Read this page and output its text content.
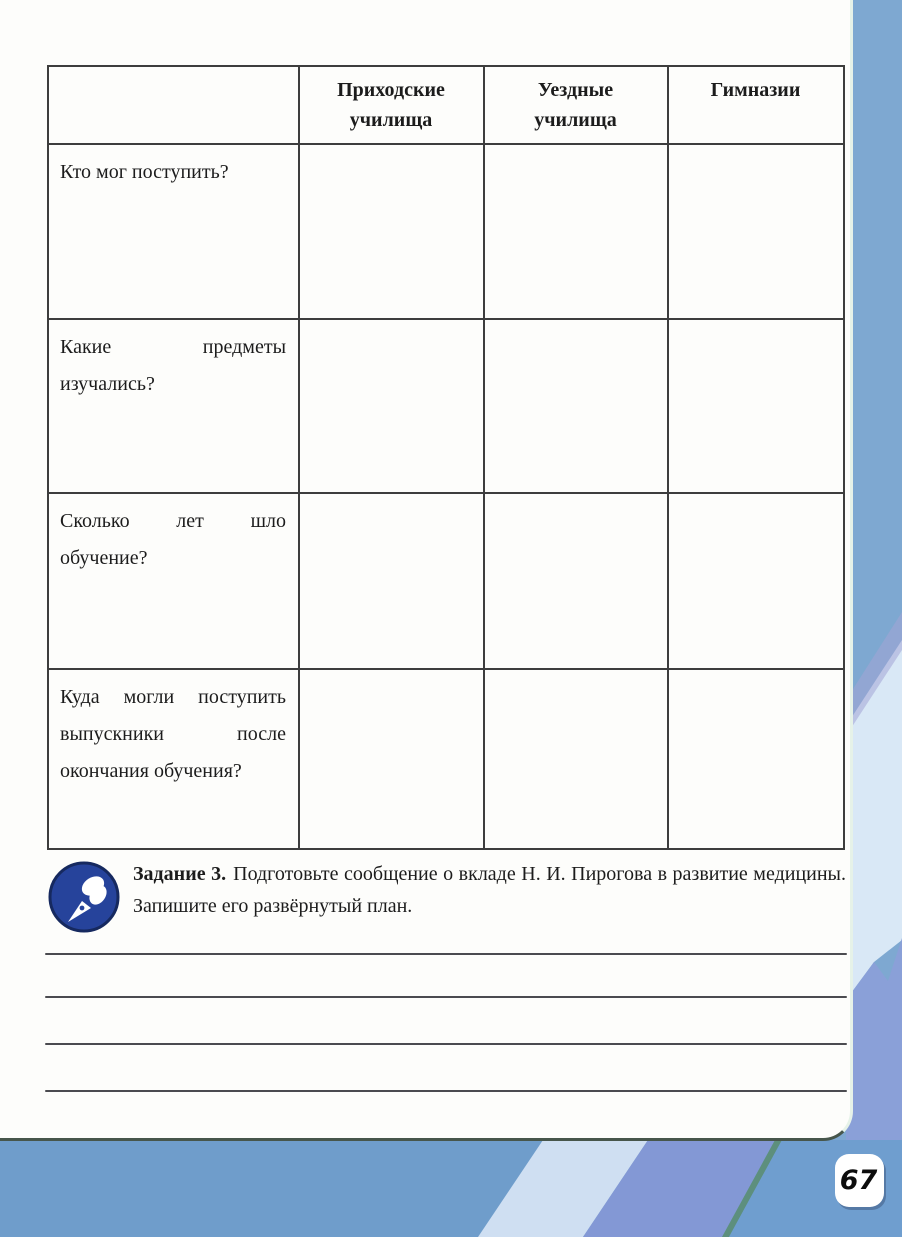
	Приходские училища	Уездные училища	Гимназии
Кто мог поступить?			
Какие предметы изучались?			
Сколько лет шло обучение?			
Куда могли поступить выпускники после окончания обучения?			

Задание 3. Подготовьте сообщение о вкладе Н. И. Пирогова в развитие медицины. Запишите его развёрнутый план.

67
